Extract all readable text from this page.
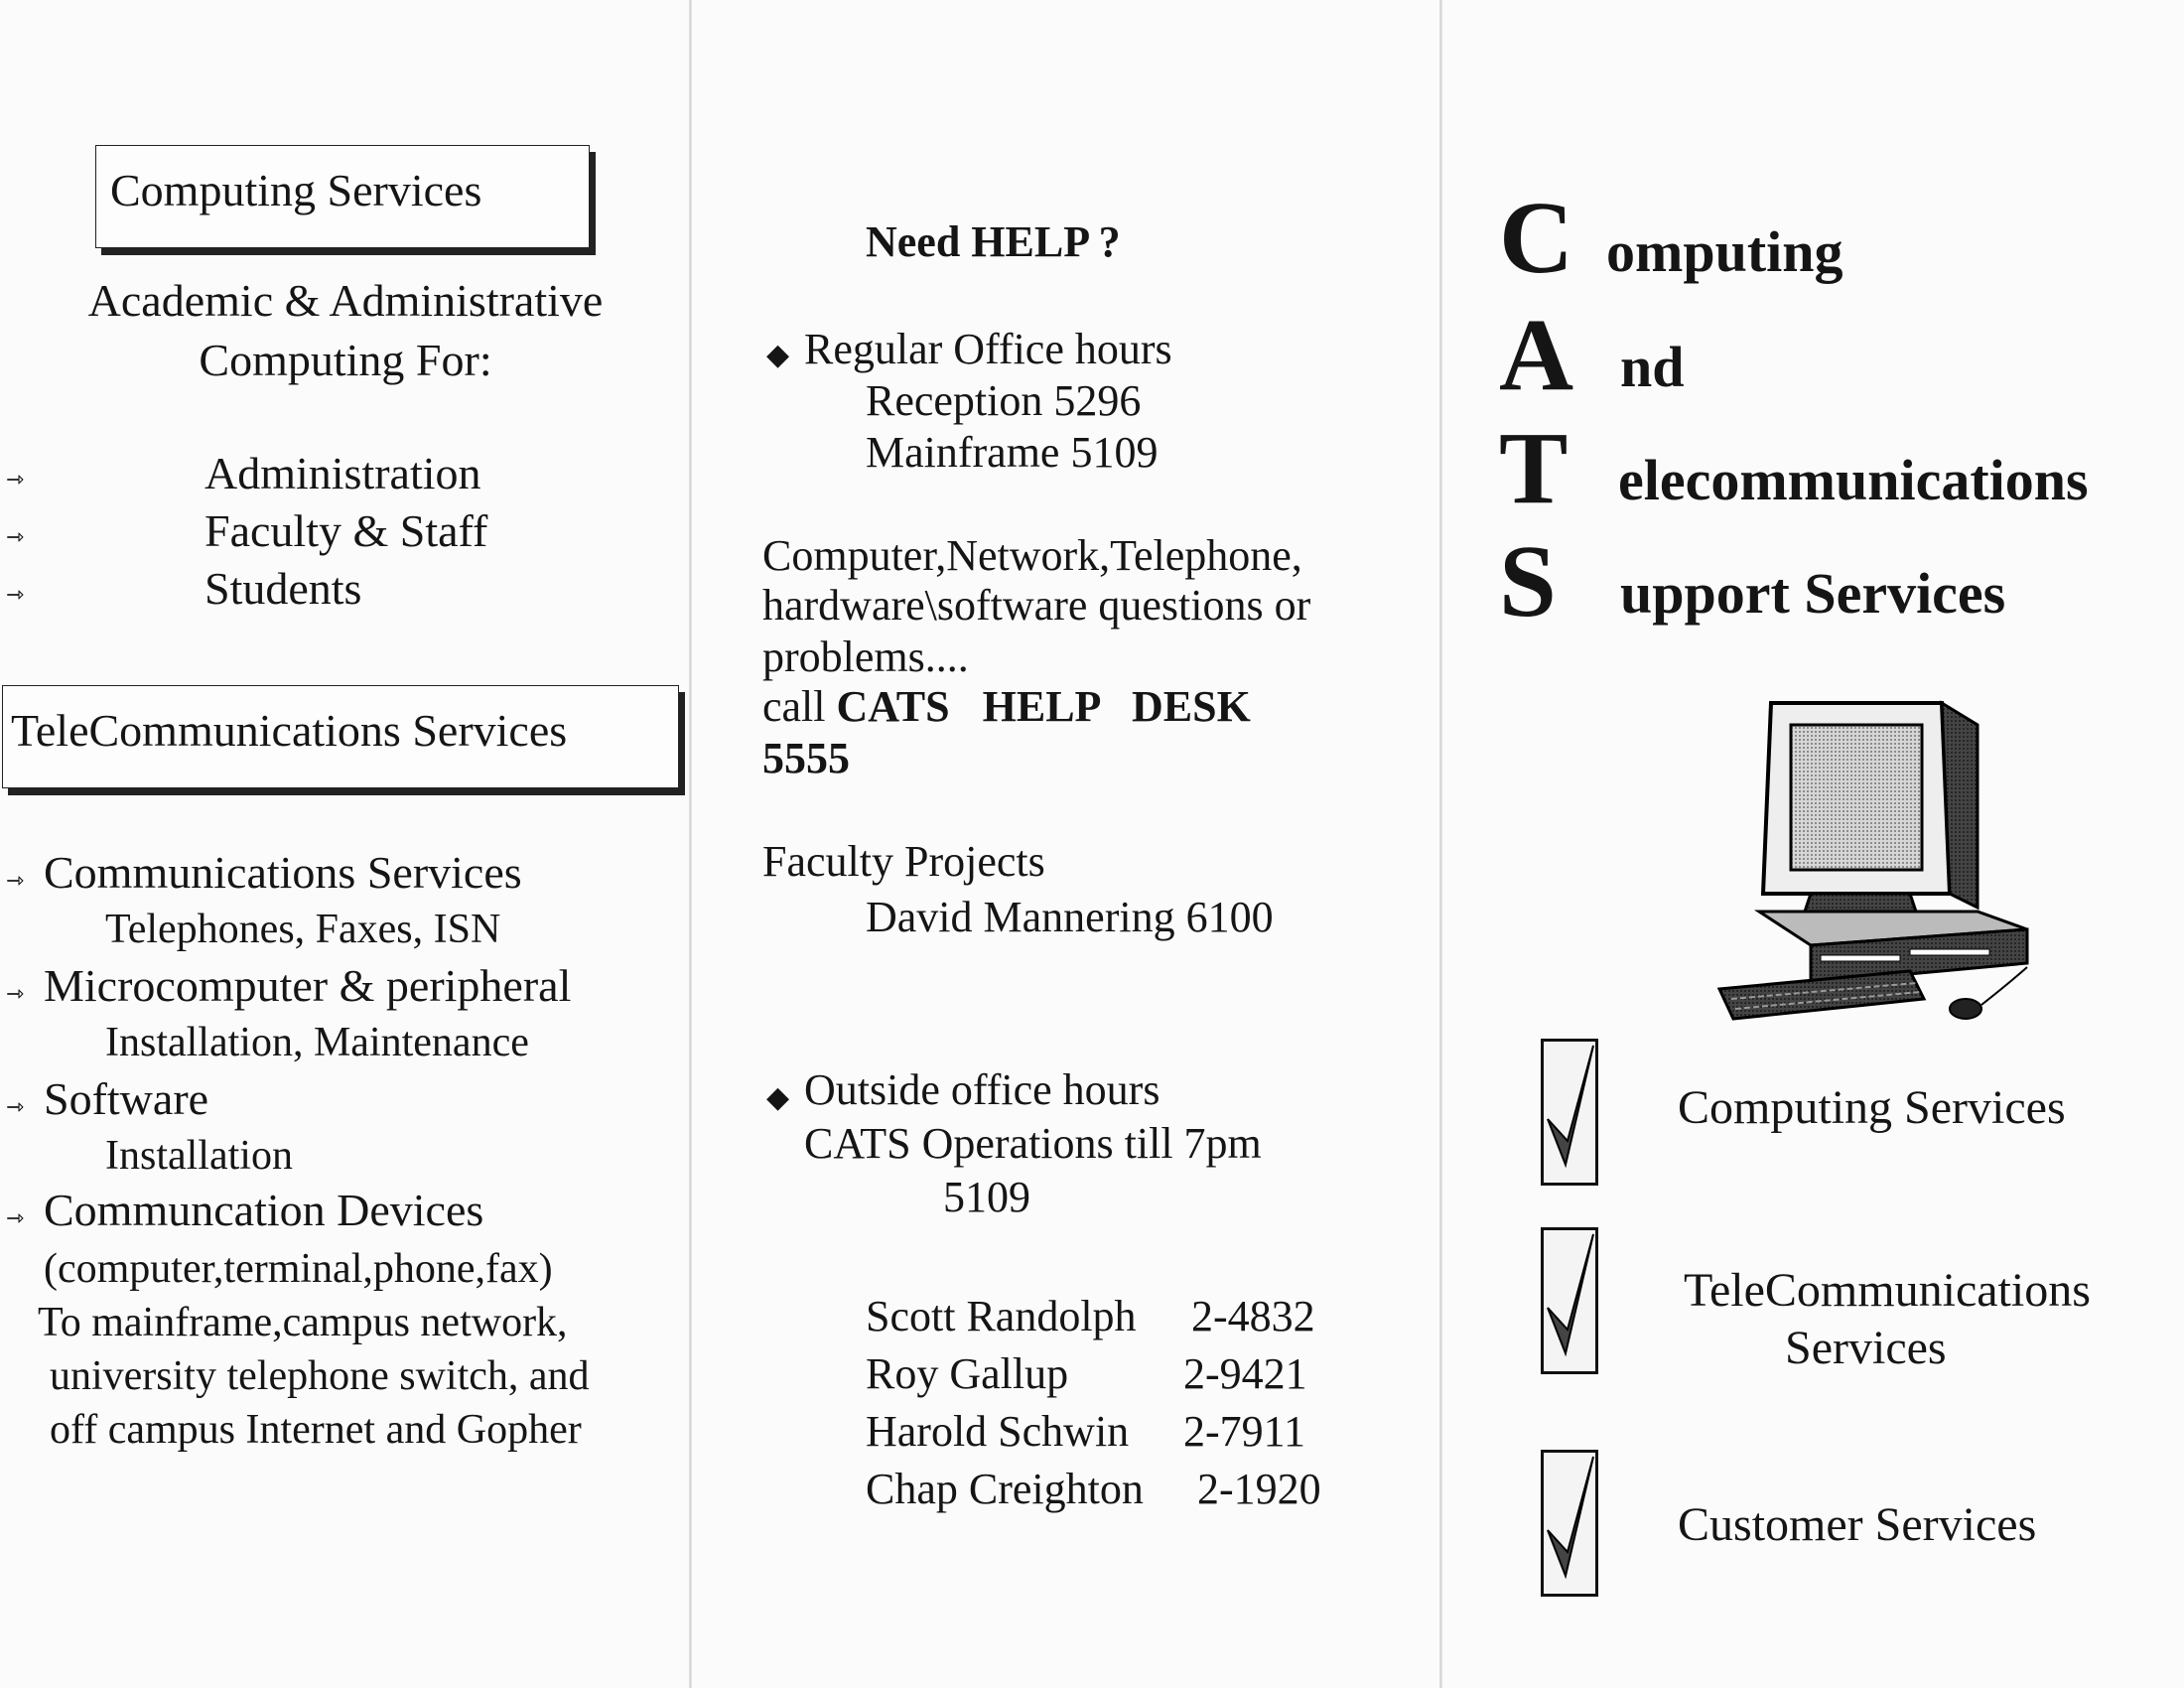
Computing Services
Academic & Administrative
Computing For:
⇾	Administration
⇾	Faculty & Staff
⇾	Students
TeleCommunications Services
⇾ Communications Services
Telephones, Faxes, ISN
⇾ Microcomputer & peripheral
Installation, Maintenance
⇾ Software
Installation
⇾ Communcation Devices
(computer,terminal,phone,fax)
To mainframe,campus network,
university telephone switch, and
off campus Internet and Gopher
Need HELP ?
◆ Regular Office hours
Reception 5296
Mainframe 5109
Computer,Network,Telephone,
hardware\software questions or
problems....
call CATS   HELP   DESK
5555
Faculty Projects
David Mannering 6100
◆ Outside office hours
CATS Operations till 7pm
5109
Scott Randolph 2-4832
Roy Gallup	2-9421
Harold Schwin 2-7911
Chap Creighton 2-1920
C omputing
A nd
T elecommunications
S upport Services
Computing Services
TeleCommunications
Services
Customer Services
